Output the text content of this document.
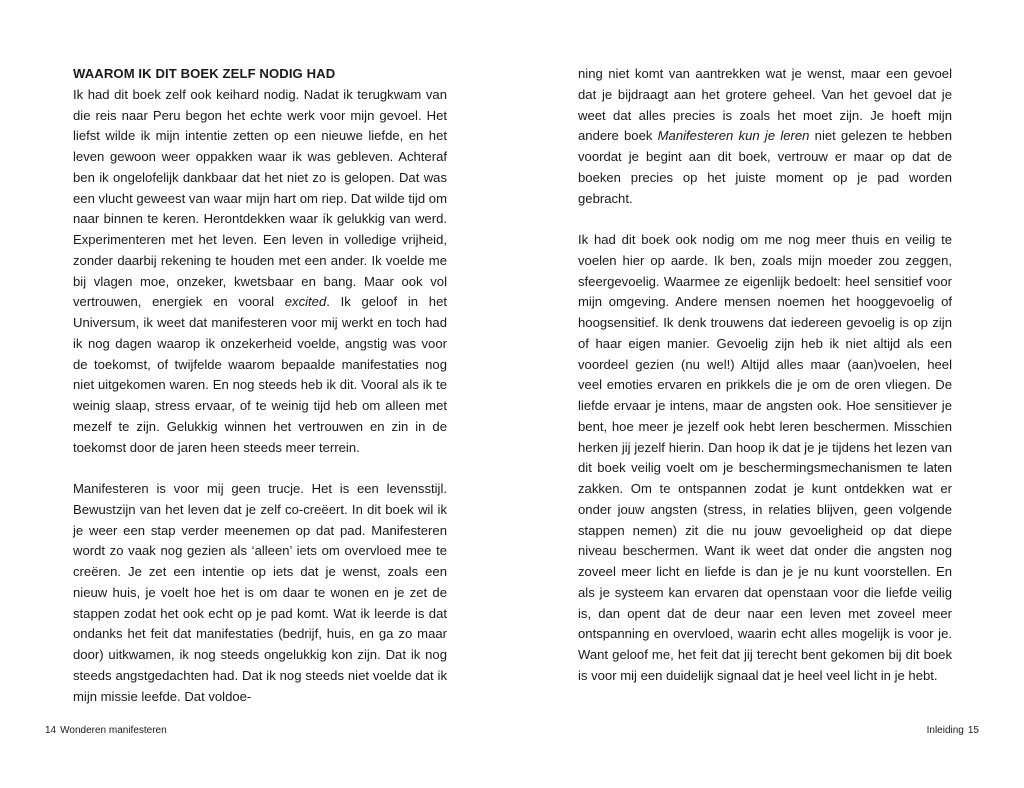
WAAROM IK DIT BOEK ZELF NODIG HAD

Ik had dit boek zelf ook keihard nodig. Nadat ik terugkwam van die reis naar Peru begon het echte werk voor mijn gevoel. Het liefst wilde ik mijn intentie zetten op een nieuwe liefde, en het leven gewoon weer oppakken waar ik was gebleven. Achteraf ben ik ongelofelijk dankbaar dat het niet zo is gelopen. Dat was een vlucht geweest van waar mijn hart om riep. Dat wilde tijd om naar binnen te keren. Herontdekken waar ík gelukkig van werd. Experimenteren met het leven. Een leven in volledige vrijheid, zonder daarbij rekening te houden met een ander. Ik voelde me bij vlagen moe, onzeker, kwetsbaar en bang. Maar ook vol vertrouwen, energiek en vooral excited. Ik geloof in het Universum, ik weet dat manifesteren voor mij werkt en toch had ik nog dagen waarop ik onzekerheid voelde, angstig was voor de toekomst, of twijfelde waarom bepaalde manifestaties nog niet uitgekomen waren. En nog steeds heb ik dit. Vooral als ik te weinig slaap, stress ervaar, of te weinig tijd heb om alleen met mezelf te zijn. Gelukkig winnen het vertrouwen en zin in de toekomst door de jaren heen steeds meer terrein.

Manifesteren is voor mij geen trucje. Het is een levensstijl. Bewustzijn van het leven dat je zelf co-creëert. In dit boek wil ik je weer een stap verder meenemen op dat pad. Manifesteren wordt zo vaak nog gezien als ‘alleen’ iets om overvloed mee te creëren. Je zet een intentie op iets dat je wenst, zoals een nieuw huis, je voelt hoe het is om daar te wonen en je zet de stappen zodat het ook echt op je pad komt. Wat ik leerde is dat ondanks het feit dat manifestaties (bedrijf, huis, en ga zo maar door) uitkwamen, ik nog steeds ongelukkig kon zijn. Dat ik nog steeds angstgedachten had. Dat ik nog steeds niet voelde dat ik mijn missie leefde. Dat voldoe-

14 Wonderen manifesteren

ning niet komt van aantrekken wat je wenst, maar een gevoel dat je bijdraagt aan het grotere geheel. Van het gevoel dat je weet dat alles precies is zoals het moet zijn. Je hoeft mijn andere boek Manifesteren kun je leren niet gelezen te hebben voordat je begint aan dit boek, vertrouw er maar op dat de boeken precies op het juiste moment op je pad worden gebracht.

Ik had dit boek ook nodig om me nog meer thuis en veilig te voelen hier op aarde. Ik ben, zoals mijn moeder zou zeggen, sfeergevoelig. Waarmee ze eigenlijk bedoelt: heel sensitief voor mijn omgeving. Andere mensen noemen het hooggevoelig of hoogsensitief. Ik denk trouwens dat iedereen gevoelig is op zijn of haar eigen manier. Gevoelig zijn heb ik niet altijd als een voordeel gezien (nu wel!) Altijd alles maar (aan)voelen, heel veel emoties ervaren en prikkels die je om de oren vliegen. De liefde ervaar je intens, maar de angsten ook. Hoe sensitiever je bent, hoe meer je jezelf ook hebt leren beschermen. Misschien herken jij jezelf hierin. Dan hoop ik dat je je tijdens het lezen van dit boek veilig voelt om je beschermingsmechanismen te laten zakken. Om te ontspannen zodat je kunt ontdekken wat er onder jouw angsten (stress, in relaties blijven, geen volgende stappen nemen) zit die nu jouw gevoeligheid op dat diepe niveau beschermen. Want ik weet dat onder die angsten nog zoveel meer licht en liefde is dan je je nu kunt voorstellen. En als je systeem kan ervaren dat openstaan voor die liefde veilig is, dan opent dat de deur naar een leven met zoveel meer ontspanning en overvloed, waarin echt alles mogelijk is voor je. Want geloof me, het feit dat jij terecht bent gekomen bij dit boek is voor mij een duidelijk signaal dat je heel veel licht in je hebt.

Inleiding 15
